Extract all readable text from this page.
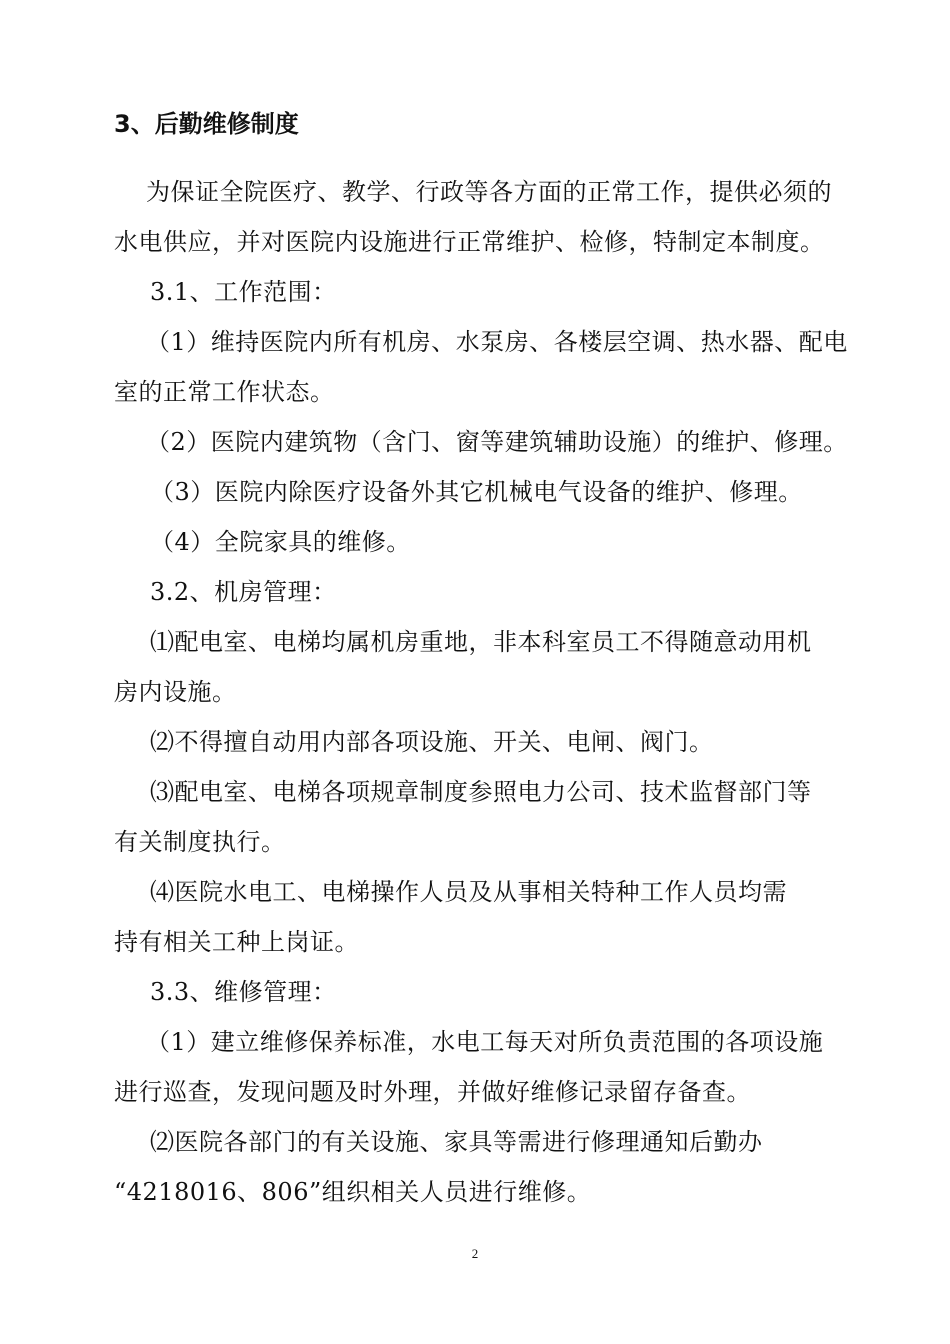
3、后勤维修制度
为保证全院医疗、教学、行政等各方面的正常工作，提供必须的
水电供应，并对医院内设施进行正常维护、检修，特制定本制度。
3.1、工作范围：
（1）维持医院内所有机房、水泵房、各楼层空调、热水器、配电
室的正常工作状态。
（2）医院内建筑物（含门、窗等建筑辅助设施）的维护、修理。
（3）医院内除医疗设备外其它机械电气设备的维护、修理。
（4）全院家具的维修。
3.2、机房管理：
⑴配电室、电梯均属机房重地，非本科室员工不得随意动用机
房内设施。
⑵不得擅自动用内部各项设施、开关、电闸、阀门。
⑶配电室、电梯各项规章制度参照电力公司、技术监督部门等
有关制度执行。
⑷医院水电工、电梯操作人员及从事相关特种工作人员均需
持有相关工种上岗证。
3.3、维修管理：
（1）建立维修保养标准，水电工每天对所负责范围的各项设施
进行巡查，发现问题及时外理，并做好维修记录留存备查。
⑵医院各部门的有关设施、家具等需进行修理通知后勤办
“4218016、806”组织相关人员进行维修。
2
